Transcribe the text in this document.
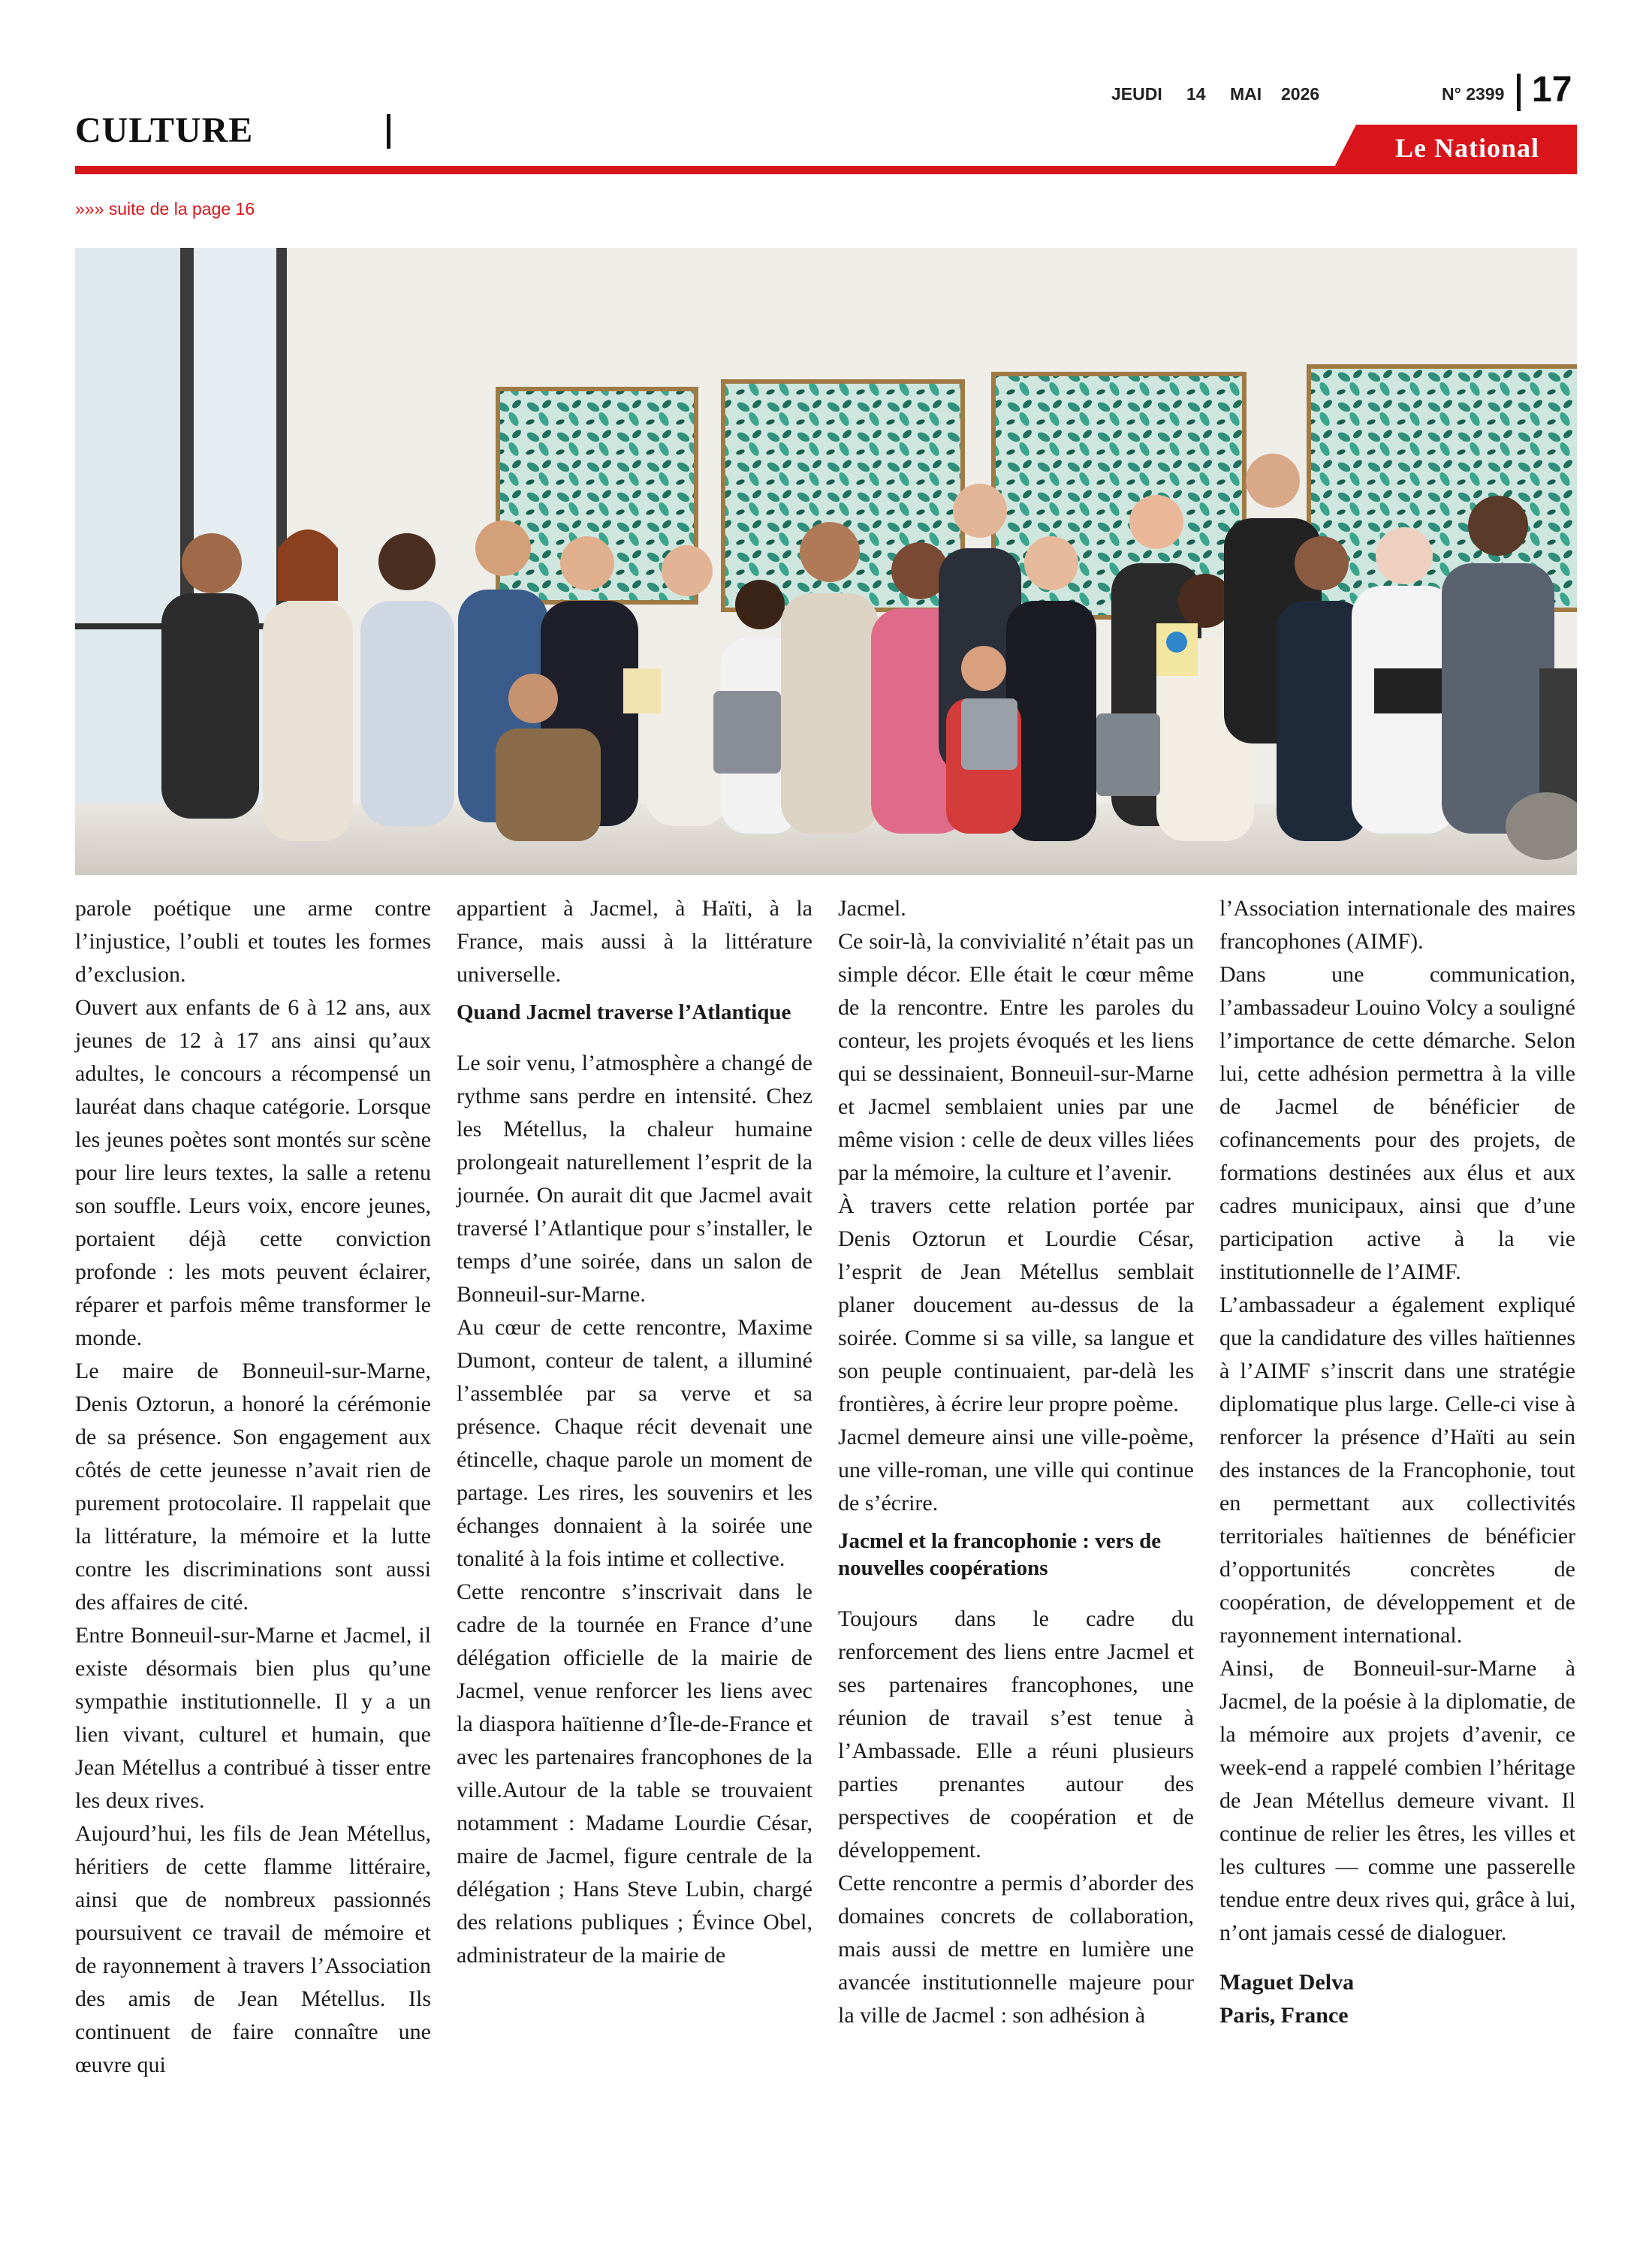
CULTURE
JEUDI 14 MAI 2026	N° 2399 17
Le National
»»» suite de la page 16

parole poétique une arme contre l’injustice, l’oubli et toutes les formes d’exclusion.

Ouvert aux enfants de 6 à 12 ans, aux jeunes de 12 à 17 ans ainsi qu’aux adultes, le concours a récompensé un lauréat dans chaque catégorie. Lorsque les jeunes poètes sont montés sur scène pour lire leurs textes, la salle a retenu son souffle. Leurs voix, encore jeunes, portaient déjà cette conviction profonde : les mots peuvent éclairer, réparer et parfois même transformer le monde.

Le maire de Bonneuil-sur-Marne, Denis Oztorun, a honoré la cérémonie de sa présence. Son engagement aux côtés de cette jeunesse n’avait rien de purement protocolaire. Il rappelait que la littérature, la mémoire et la lutte contre les discriminations sont aussi des affaires de cité.

Entre Bonneuil-sur-Marne et Jacmel, il existe désormais bien plus qu’une sympathie institutionnelle. Il y a un lien vivant, culturel et humain, que Jean Métellus a contribué à tisser entre les deux rives.

Aujourd’hui, les fils de Jean Métellus, héritiers de cette flamme littéraire, ainsi que de nombreux passionnés poursuivent ce travail de mémoire et de rayonnement à travers l’Association des amis de Jean Métellus. Ils continuent de faire connaître une œuvre qui

appartient à Jacmel, à Haïti, à la France, mais aussi à la littérature universelle.

Quand Jacmel traverse l’Atlantique

Le soir venu, l’atmosphère a changé de rythme sans perdre en intensité. Chez les Métellus, la chaleur humaine prolongeait naturellement l’esprit de la journée. On aurait dit que Jacmel avait traversé l’Atlantique pour s’installer, le temps d’une soirée, dans un salon de Bonneuil-sur-Marne.

Au cœur de cette rencontre, Maxime Dumont, conteur de talent, a illuminé l’assemblée par sa verve et sa présence. Chaque récit devenait une étincelle, chaque parole un moment de partage. Les rires, les souvenirs et les échanges donnaient à la soirée une tonalité à la fois intime et collective.

Cette rencontre s’inscrivait dans le cadre de la tournée en France d’une délégation officielle de la mairie de Jacmel, venue renforcer les liens avec la diaspora haïtienne d’Île-de-France et avec les partenaires francophones de la ville.Autour de la table se trouvaient notamment : Madame Lourdie César, maire de Jacmel, figure centrale de la délégation ; Hans Steve Lubin, chargé des relations publiques ; Évince Obel, administrateur de la mairie de

Jacmel.

Ce soir-là, la convivialité n’était pas un simple décor. Elle était le cœur même de la rencontre. Entre les paroles du conteur, les projets évoqués et les liens qui se dessinaient, Bonneuil-sur-Marne et Jacmel semblaient unies par une même vision : celle de deux villes liées par la mémoire, la culture et l’avenir.

À travers cette relation portée par Denis Oztorun et Lourdie César, l’esprit de Jean Métellus semblait planer doucement au-dessus de la soirée. Comme si sa ville, sa langue et son peuple continuaient, par-delà les frontières, à écrire leur propre poème.

Jacmel demeure ainsi une ville-poème, une ville-roman, une ville qui continue de s’écrire.

Jacmel et la francophonie : vers de nouvelles coopérations

Toujours dans le cadre du renforcement des liens entre Jacmel et ses partenaires francophones, une réunion de travail s’est tenue à l’Ambassade. Elle a réuni plusieurs parties prenantes autour des perspectives de coopération et de développement.

Cette rencontre a permis d’aborder des domaines concrets de collaboration, mais aussi de mettre en lumière une avancée institutionnelle majeure pour la ville de Jacmel : son adhésion à

l’Association internationale des maires francophones (AIMF).

Dans une communication, l’ambassadeur Louino Volcy a souligné l’importance de cette démarche. Selon lui, cette adhésion permettra à la ville de Jacmel de bénéficier de cofinancements pour des projets, de formations destinées aux élus et aux cadres municipaux, ainsi que d’une participation active à la vie institutionnelle de l’AIMF.

L’ambassadeur a également expliqué que la candidature des villes haïtiennes à l’AIMF s’inscrit dans une stratégie diplomatique plus large. Celle-ci vise à renforcer la présence d’Haïti au sein des instances de la Francophonie, tout en permettant aux collectivités territoriales haïtiennes de bénéficier d’opportunités concrètes de coopération, de développement et de rayonnement international.

Ainsi, de Bonneuil-sur-Marne à Jacmel, de la poésie à la diplomatie, de la mémoire aux projets d’avenir, ce week-end a rappelé combien l’héritage de Jean Métellus demeure vivant. Il continue de relier les êtres, les villes et les cultures — comme une passerelle tendue entre deux rives qui, grâce à lui, n’ont jamais cessé de dialoguer.

Maguet Delva

Paris, France
